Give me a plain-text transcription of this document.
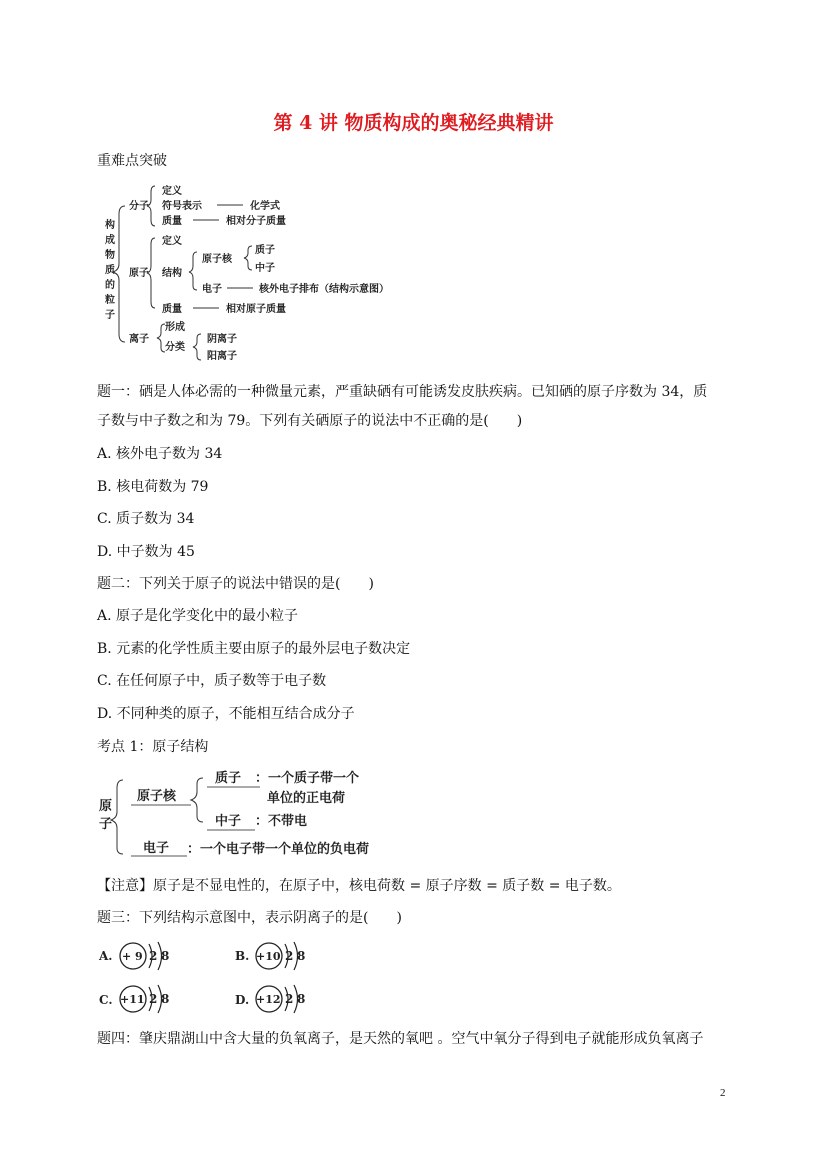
第 4 讲 物质构成的奥秘经典精讲
重难点突破
构
成
物
质
的
粒
子
分子
定义
符号表示	化学式
质量	相对分子质量
原子
定义
结构
原子核
质子
中子
电子	核外电子排布（结构示意图）
质量	相对原子质量
离子
形成
分类
阴离子
阳离子
题一：硒是人体必需的一种微量元素，严重缺硒有可能诱发皮肤疾病。已知硒的原子序数为 34，质
子数与中子数之和为 79。下列有关硒原子的说法中不正确的是(　　)
A. 核外电子数为 34
B. 核电荷数为 79
C. 质子数为 34
D. 中子数为 45
题二：下列关于原子的说法中错误的是(　　)
A. 原子是化学变化中的最小粒子
B. 元素的化学性质主要由原子的最外层电子数决定
C. 在任何原子中，质子数等于电子数
D. 不同种类的原子，不能相互结合成分子
考点 1：原子结构
原
子
原子核
质子 ：一个质子带一个
单位的正电荷
中子 ：不带电
电子 ：一个电子带一个单位的负电荷
【注意】原子是不显电性的，在原子中，核电荷数 = 原子序数 = 质子数 = 电子数。
题三：下列结构示意图中，表示阴离子的是(　　)
A. + 9 2 8	B. +10 2 8
C. +11 2 8	D. +12 2 8
题四：肇庆鼎湖山中含大量的负氧离子，是天然的氧吧 。空气中氧分子得到电子就能形成负氧离子
2
